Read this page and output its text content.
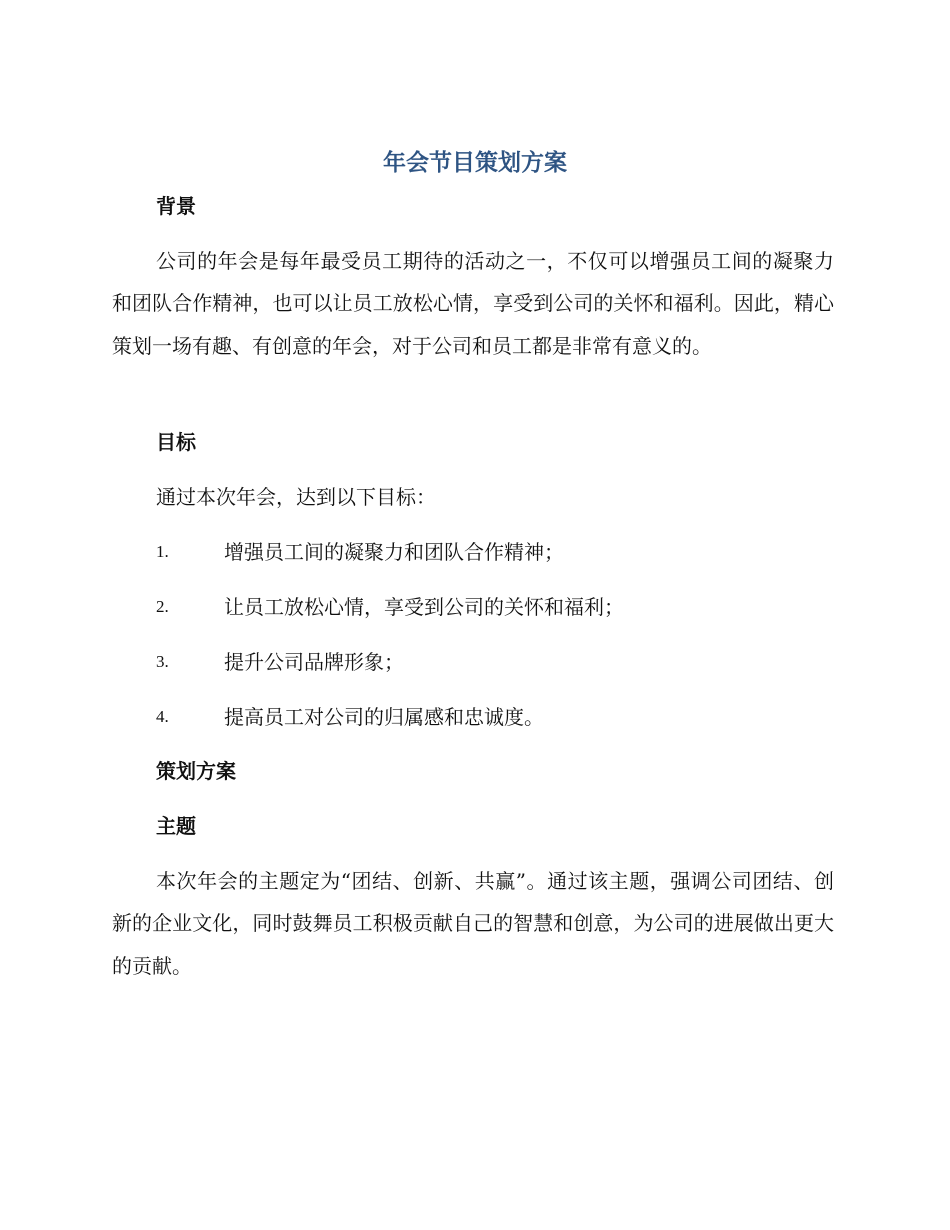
年会节目策划方案
背景
公司的年会是每年最受员工期待的活动之一，不仅可以增强员工间的凝聚力和团队合作精神，也可以让员工放松心情，享受到公司的关怀和福利。因此，精心策划一场有趣、有创意的年会，对于公司和员工都是非常有意义的。
目标
通过本次年会，达到以下目标：
1.	增强员工间的凝聚力和团队合作精神；
2.	让员工放松心情，享受到公司的关怀和福利；
3.	提升公司品牌形象；
4.	提高员工对公司的归属感和忠诚度。
策划方案
主题
本次年会的主题定为“团结、创新、共赢”。通过该主题，强调公司团结、创新的企业文化，同时鼓舞员工积极贡献自己的智慧和创意，为公司的进展做出更大的贡献。
